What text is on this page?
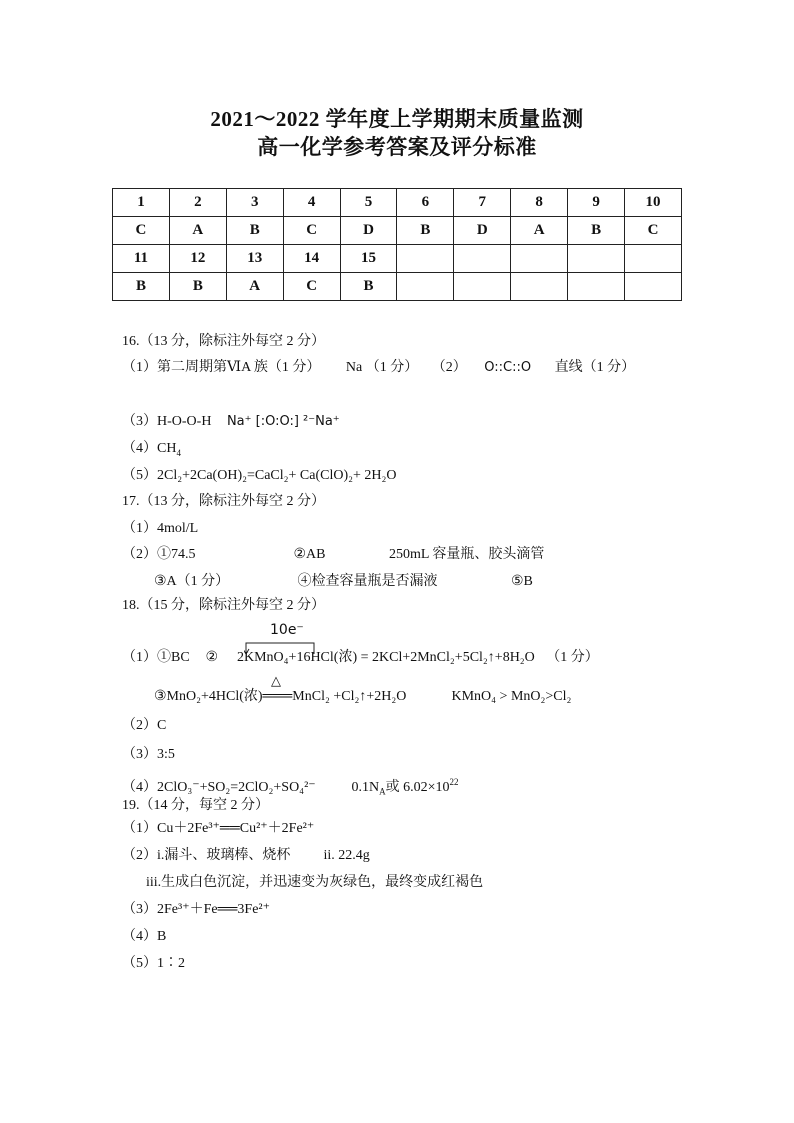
2021～2022 学年度上学期期末质量监测
高一化学参考答案及评分标准
1	2	3	4	5	6	7	8	9	10
C	A	B	C	D	B	D	A	B	C
11	12	13	14	15					
B	B	A	C	B					
16.（13 分，除标注外每空 2 分）
（1）第二周期第ⅥA 族（1 分） Na （1 分） （2） O::C::O 直线（1 分）
（3）H-O-O-H Na⁺ [:O:O:] ²⁻Na⁺
$(4)CH_4$
（5）2Cl₂+2Ca(OH)₂=CaCl₂+ Ca(ClO)₂+ 2H₂O
17.（13 分，除标注外每空 2 分）
（1）4mol/L
（2）①74.5	②AB	250mL 容量瓶、胶头滴管
③A（1 分）	④检查容量瓶是否漏液	⑤B
18.（15 分，除标注外每空 2 分）
10e⁻
（1）①BC ② 2KMnO₄+16HCl(浓) = 2KCl+2MnCl₂+5Cl₂↑+8H₂O （1 分）
△
③MnO₂+4HCl(浓)═══MnCl₂ +Cl₂↑+2H₂O	KMnO₄ > MnO₂>Cl₂
（2）C
（3）3:5
（4）2ClO₃⁻+SO₂=2ClO₂+SO₄²⁻	$0.1N_A$或 $6.02\times 10^{22}$
19.（14 分，每空 2 分）
（1）Cu＋2Fe³⁺══Cu²⁺＋2Fe²⁺
（2）i.漏斗、玻璃棒、烧杯 ii. 22.4g
iii.生成白色沉淀，并迅速变为灰绿色，最终变成红褐色
（3）2Fe³⁺＋Fe══3Fe²⁺
（4）B
（5）1∶2
